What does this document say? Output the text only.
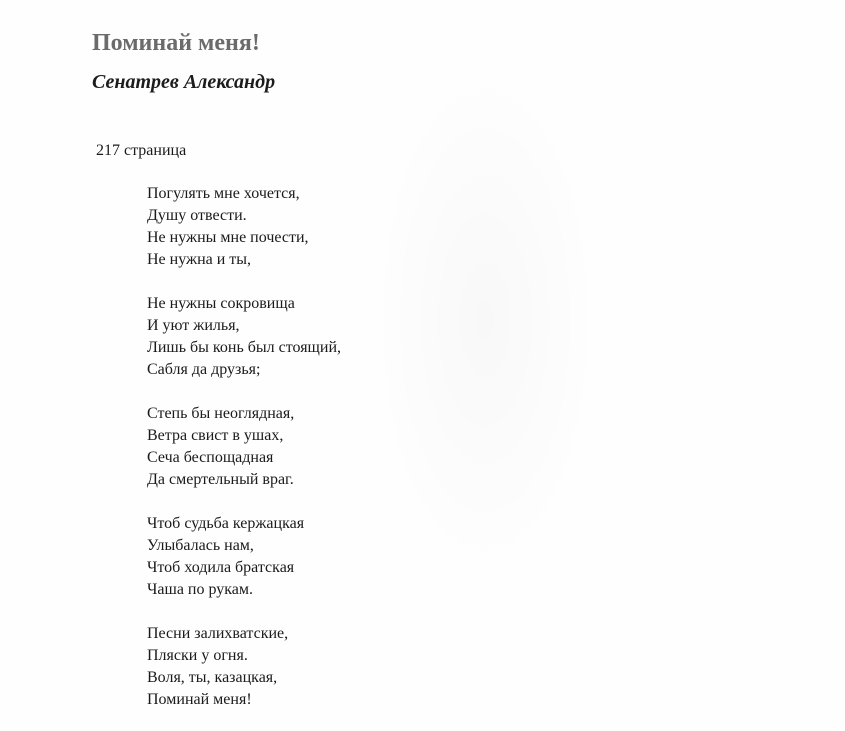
Поминай меня!
Сенатрев Александр
217 страница
Погулять мне хочется,
Душу отвести.
Не нужны мне почести,
Не нужна и ты,
Не нужны сокровища
И уют жилья,
Лишь бы конь был стоящий,
Сабля да друзья;
Степь бы неоглядная,
Ветра свист в ушах,
Сеча беспощадная
Да смертельный враг.
Чтоб судьба кержацкая
Улыбалась нам,
Чтоб ходила братская
Чаша по рукам.
Песни залихватские,
Пляски у огня.
Воля, ты, казацкая,
Поминай меня!
